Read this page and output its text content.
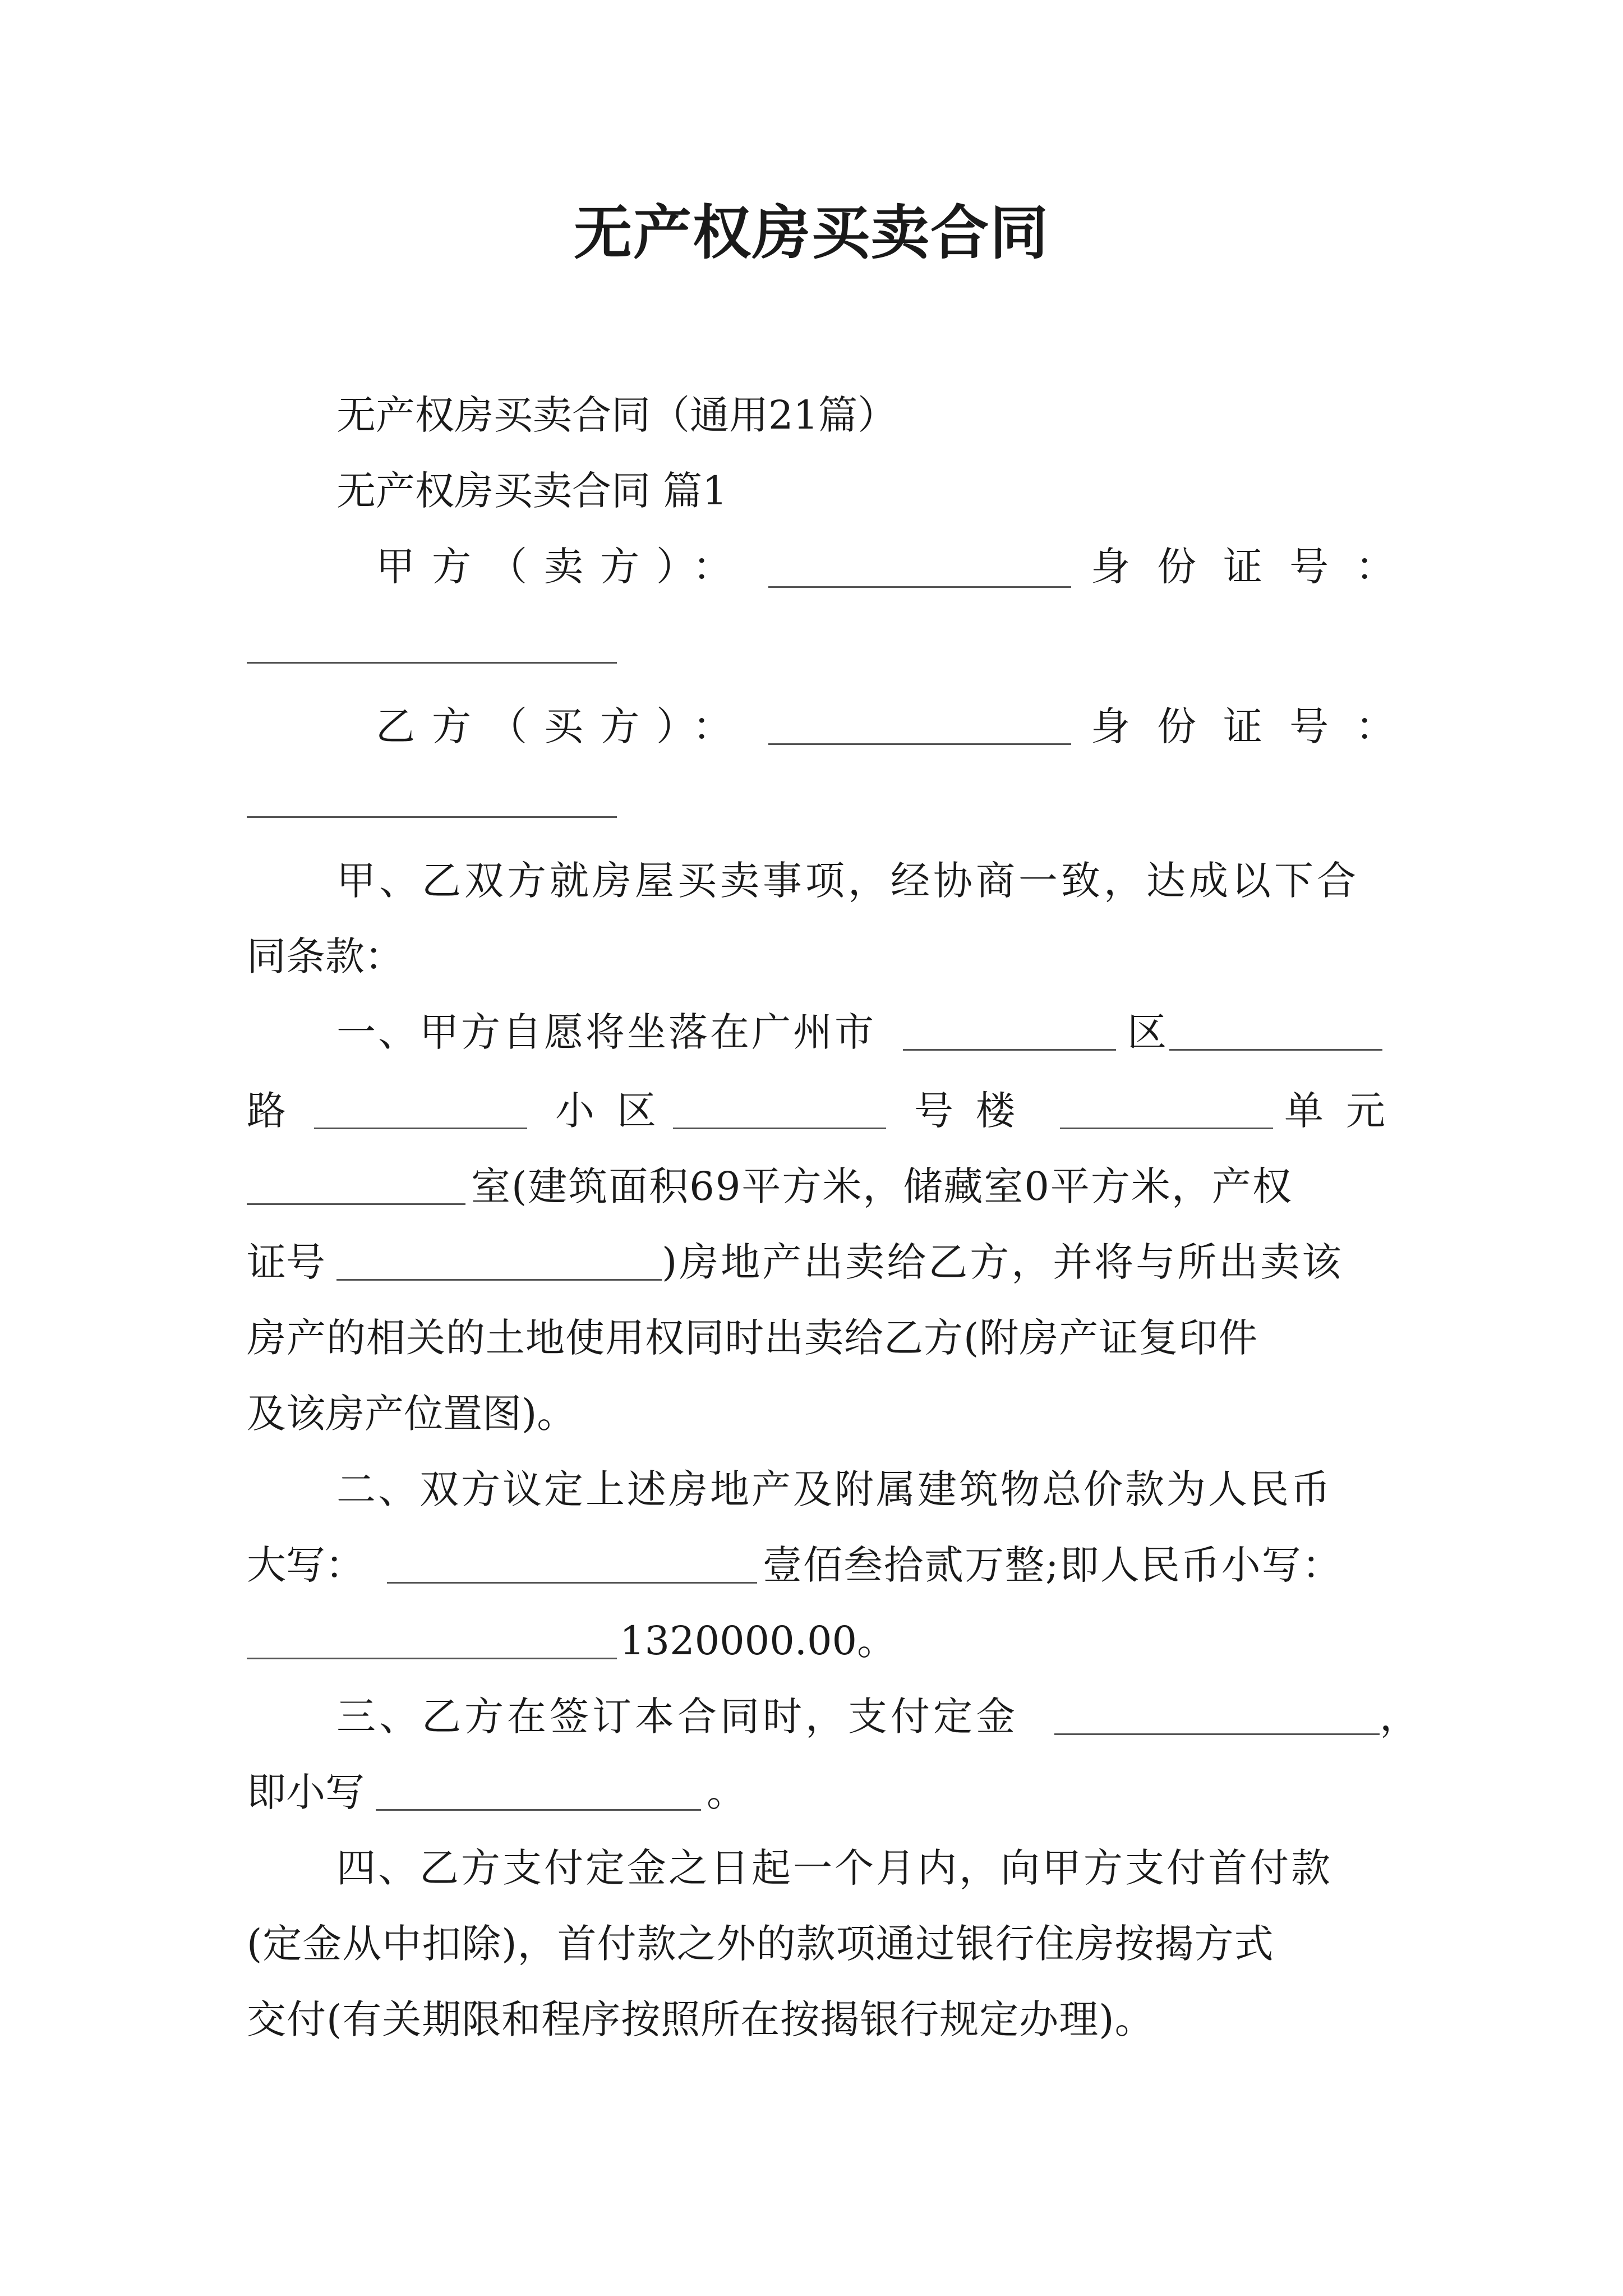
无产权房买卖合同
无产权房买卖合同（通用21篇）
无产权房买卖合同 篇1
甲方（卖方）：	身份证号：
乙方（买方）：	身份证号：
甲、乙双方就房屋买卖事项，经协商一致，达成以下合
同条款：
一、甲方自愿将坐落在广州市	区
路	小区	号楼	单元
室(建筑面积69平方米，储藏室0平方米，产权
证号	)房地产出卖给乙方，并将与所出卖该
房产的相关的土地使用权同时出卖给乙方(附房产证复印件
及该房产位置图)。
二、双方议定上述房地产及附属建筑物总价款为人民币
大写：	壹佰叁拾贰万整;即人民币小写：
1320000.00。
三、乙方在签订本合同时，支付定金	，
即小写	。
四、乙方支付定金之日起一个月内，向甲方支付首付款
(定金从中扣除)，首付款之外的款项通过银行住房按揭方式
交付(有关期限和程序按照所在按揭银行规定办理)。
